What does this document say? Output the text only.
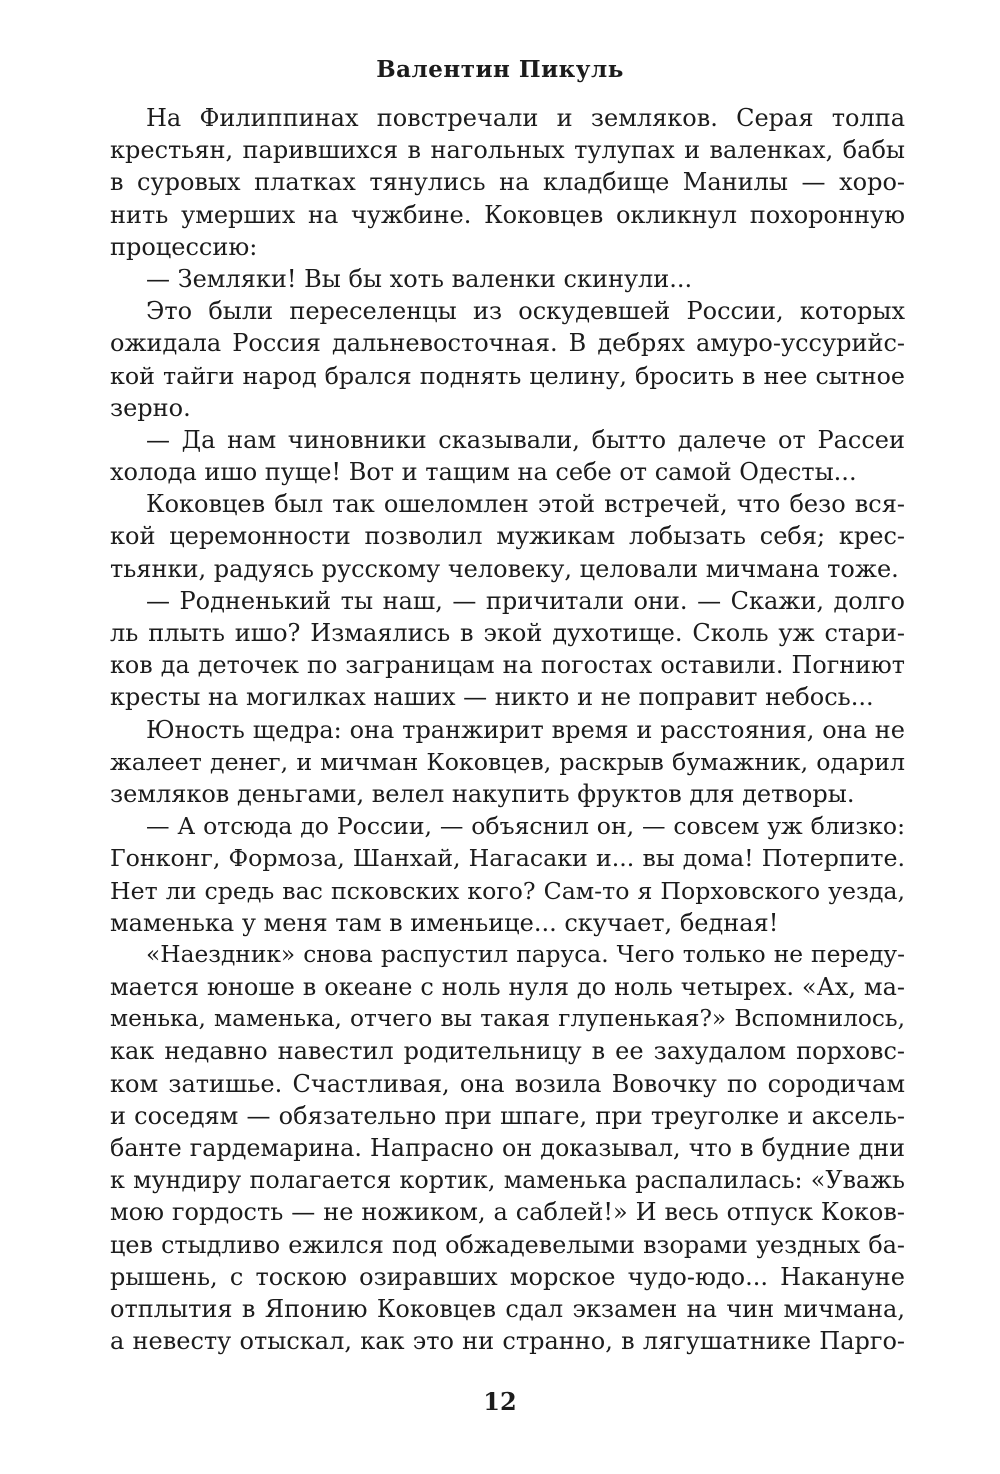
Валентин Пикуль
На Филиппинах повстречали и земляков. Серая толпа
крестьян, парившихся в нагольных тулупах и валенках, бабы
в суровых платках тянулись на кладбище Манилы — хоро-
нить умерших на чужбине. Коковцев окликнул похоронную
процессию:
— Земляки! Вы бы хоть валенки скинули...
Это были переселенцы из оскудевшей России, которых
ожидала Россия дальневосточная. В дебрях амуро-уссурийс-
кой тайги народ брался поднять целину, бросить в нее сытное
зерно.
— Да нам чиновники сказывали, бытто далече от Рассеи
холода ишо пуще! Вот и тащим на себе от самой Одесты...
Коковцев был так ошеломлен этой встречей, что безо вся-
кой церемонности позволил мужикам лобызать себя; крес-
тьянки, радуясь русскому человеку, целовали мичмана тоже.
— Родненький ты наш, — причитали они. — Скажи, долго
ль плыть ишо? Измаялись в экой духотище. Сколь уж стари-
ков да деточек по заграницам на погостах оставили. Погниют
кресты на могилках наших — никто и не поправит небось...
Юность щедра: она транжирит время и расстояния, она не
жалеет денег, и мичман Коковцев, раскрыв бумажник, одарил
земляков деньгами, велел накупить фруктов для детворы.
— А отсюда до России, — объяснил он, — совсем уж близко:
Гонконг, Формоза, Шанхай, Нагасаки и... вы дома! Потерпите.
Нет ли средь вас псковских кого? Сам-то я Порховского уезда,
маменька у меня там в именьице... скучает, бедная!
«Наездник» снова распустил паруса. Чего только не переду-
мается юноше в океане с ноль нуля до ноль четырех. «Ах, ма-
менька, маменька, отчего вы такая глупенькая?» Вспомнилось,
как недавно навестил родительницу в ее захудалом порховс-
ком затишье. Счастливая, она возила Вовочку по сородичам
и соседям — обязательно при шпаге, при треуголке и аксель-
банте гардемарина. Напрасно он доказывал, что в будние дни
к мундиру полагается кортик, маменька распалилась: «Уважь
мою гордость — не ножиком, а саблей!» И весь отпуск Коков-
цев стыдливо ежился под обжадевелыми взорами уездных ба-
рышень, с тоскою озиравших морское чудо-юдо... Накануне
отплытия в Японию Коковцев сдал экзамен на чин мичмана,
а невесту отыскал, как это ни странно, в лягушатнике Парго-
12
